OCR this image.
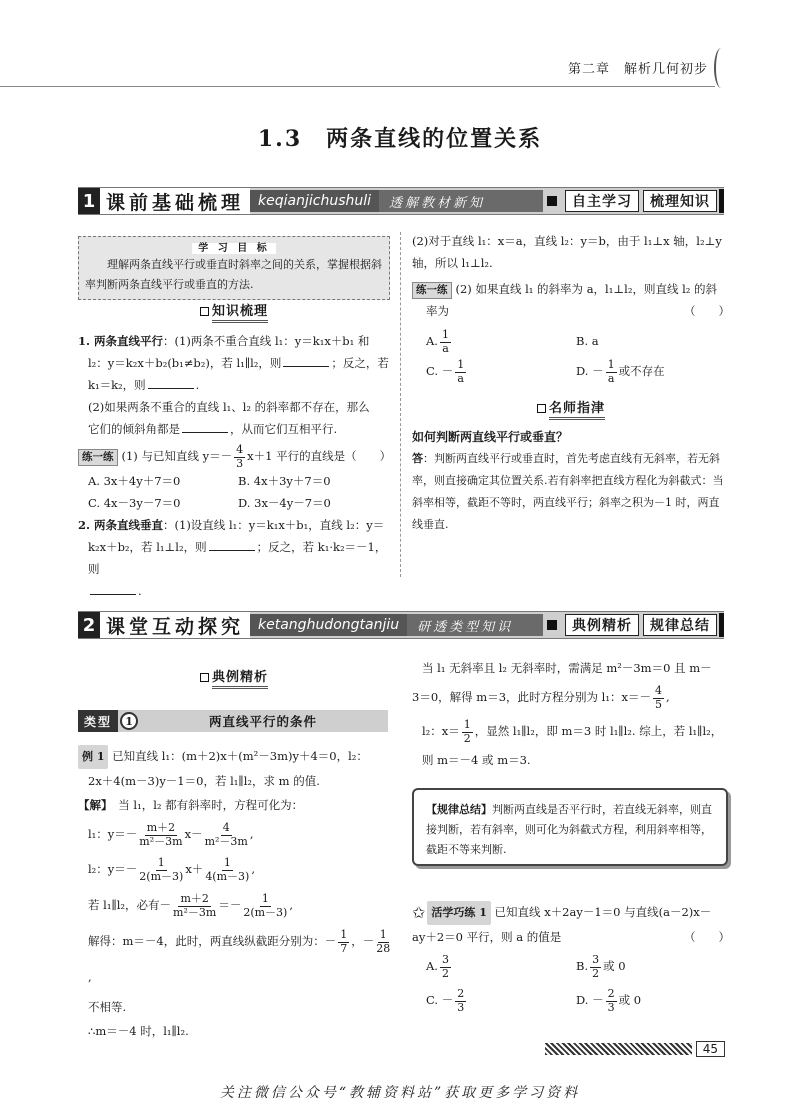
第二章　解析几何初步
1.3　两条直线的位置关系
1 课前基础梳理	keqianjichushuli	透解教材新知	自主学习	梳理知识
学 习 目 标
理解两条直线平行或垂直时斜率之间的关系，掌握根据斜率判断两条直线平行或垂直的方法.
知识梳理
1. 两条直线平行：(1)两条不重合直线 l₁：y＝k₁x＋b₁ 和
l₂：y＝k₂x＋b₂(b₁≠b₂)，若 l₁∥l₂，则	；反之，若
k₁＝k₂，则	.
(2)如果两条不重合的直线 l₁、l₂ 的斜率都不存在，那么
它们的倾斜角都是	，从而它们互相平行.
练一练 (1) 与已知直线 $y=- \frac{4}{3} x+1$ 平行的直线是（　　）
A. 3x＋4y＋7＝0	B. 4x＋3y＋7＝0
C. 4x－3y－7＝0	D. 3x－4y－7＝0
2. 两条直线垂直：(1)设直线 l₁：y＝k₁x＋b₁，直线 l₂：y＝
k₂x＋b₂，若 l₁⊥l₂，则	；反之，若 k₁·k₂＝－1，则
.
(2)对于直线 l₁：x＝a，直线 l₂：y＝b，由于 l₁⊥x 轴，l₂⊥y
轴，所以 l₁⊥l₂.
练一练 (2) 如果直线 l₁ 的斜率为 a，l₁⊥l₂，则直线 l₂ 的斜
率为	（　　）
A. $\frac{1}{a}$	B. a
C. － $\frac{1}{a}$	D. － $\frac{1}{a}$ 或不存在
名师指津
如何判断两直线平行或垂直？
答：判断两直线平行或垂直时，首先考虑直线有无斜率，若无斜率，则直接确定其位置关系.若有斜率把直线方程化为斜截式：当斜率相等，截距不等时，两直线平行；斜率之积为－1 时，两直线垂直.
2 课堂互动探究	ketanghudongtanjiu	研透类型知识	典例精析	规律总结
典例精析
类型	1	两直线平行的条件
例 1 已知直线 l₁：(m＋2)x＋(m²－3m)y＋4＝0，l₂：
2x＋4(m－3)y－1＝0，若 l₁∥l₂，求 m 的值.
【解】　 当 l₁，l₂ 都有斜率时，方程可化为：
l₁：$y=- \frac{m+2}{\text{m²－3m}} x- \frac{4}{\text{m²－3m}}$ ,
l₂：$y=- \frac{1}{2(m-3)} x+ \frac{1}{4(m-3)}$ ,
若 l₁∥l₂，必有－ $\frac{m+2}{\text{m²－3m}} =- \frac{1}{2(m-3)}$ ,
解得：m＝－4，此时，两直线纵截距分别为：－ $\frac{1}{7}$ ，－ $\frac{1}{28}$
,
不相等.
∴m＝－4 时，l₁∥l₂.
当 l₁ 无斜率且 l₂ 无斜率时，需满足 m²－3m＝0 且 m－
3＝0，解得 m＝3，此时方程分别为 l₁：$x=- \frac{4}{5}$ ,
l₂：$x= \frac{1}{2}$ ，显然 l₁∥l₂，即 m＝3 时 l₁∥l₂. 综上，若 l₁∥l₂，
则 m＝－4 或 m＝3.
【规律总结】判断两直线是否平行时，若直线无斜率，则直接判断，若有斜率，则可化为斜截式方程，利用斜率相等，截距不等来判断.
✩ 活学巧练 1 已知直线 x＋2ay－1＝0 与直线(a－2)x－
ay＋2＝0 平行，则 a 的值是	（　　）
A. $\frac{3}{2}$	B. $\frac{3}{2}$ 或 0
C. － $\frac{2}{3}$	D. － $\frac{2}{3}$ 或 0
45
关注微信公众号“教辅资料站”获取更多学习资料
